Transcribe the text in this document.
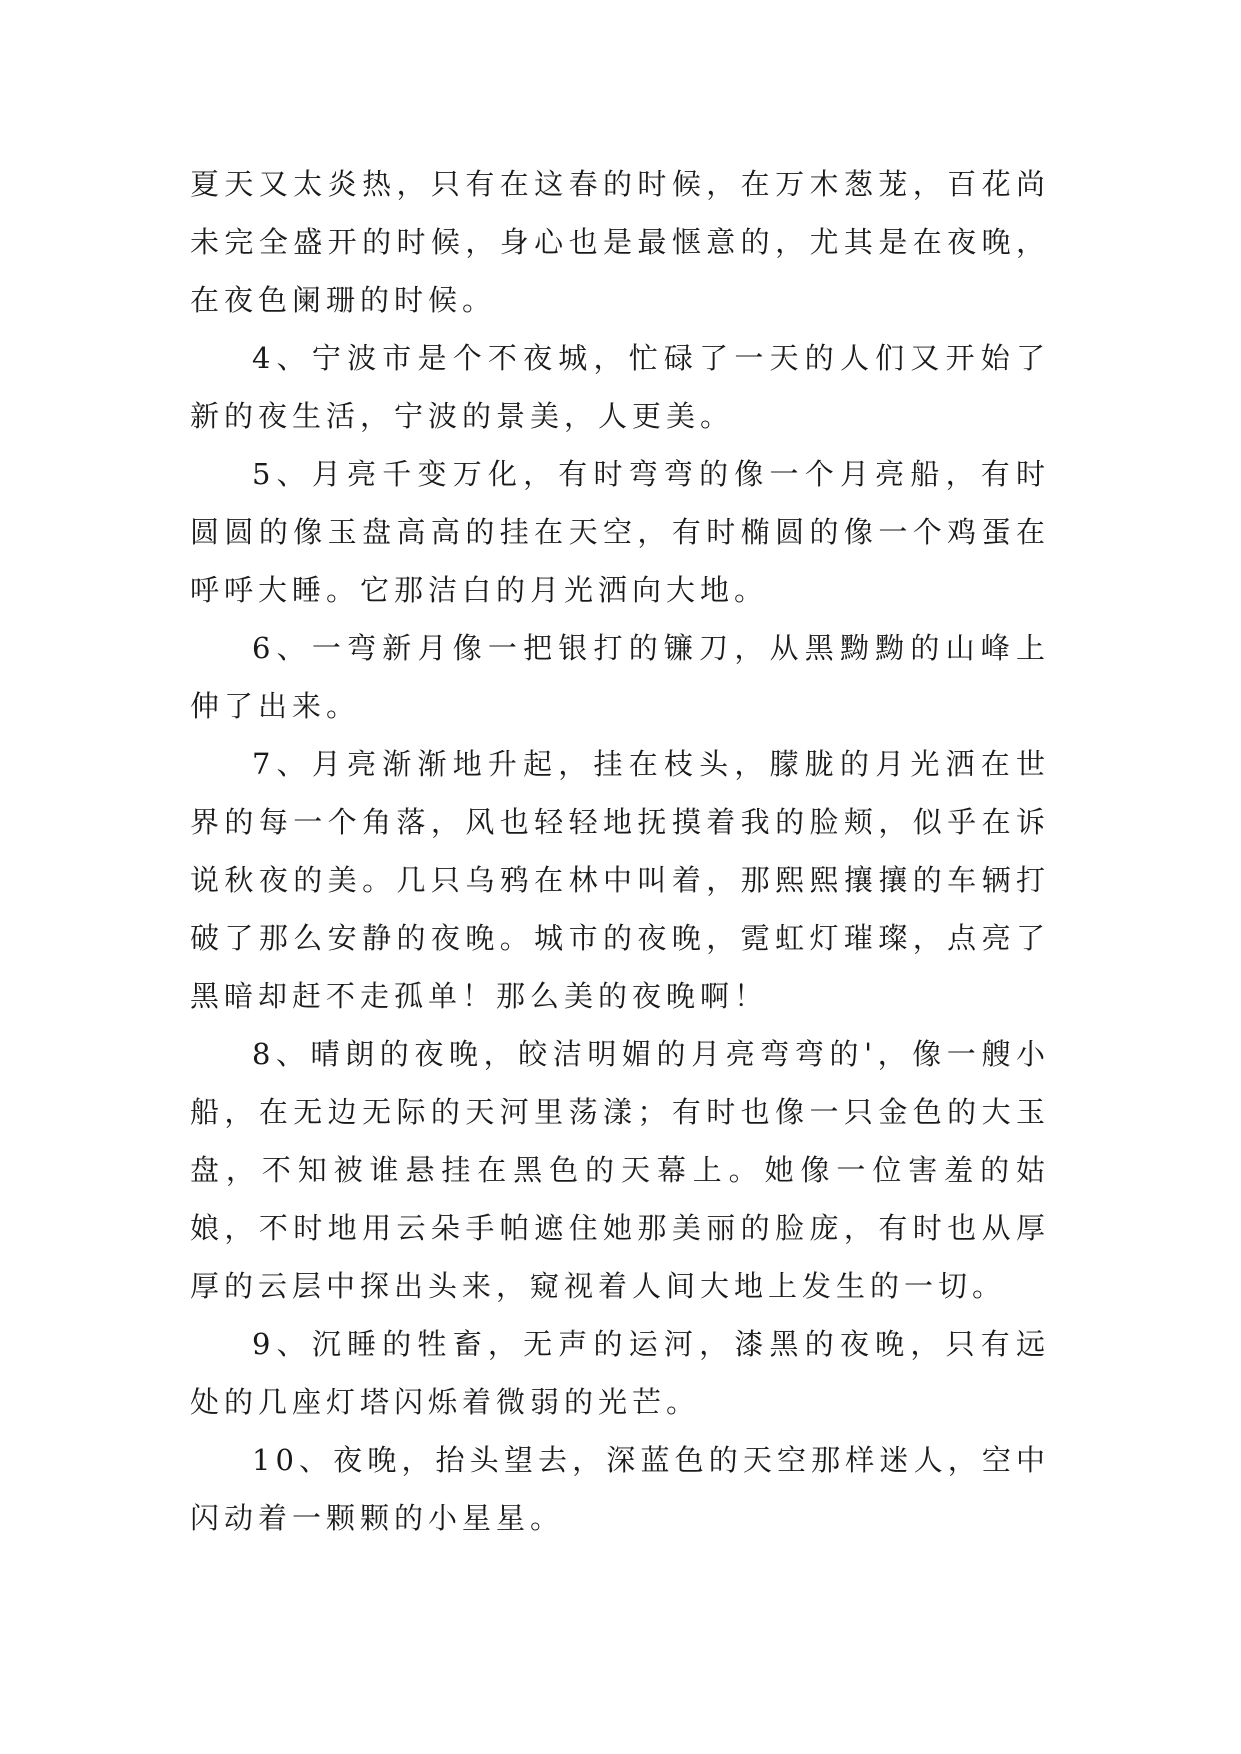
夏天又太炎热，只有在这春的时候，在万木葱茏，百花尚未完全盛开的时候，身心也是最惬意的，尤其是在夜晚，在夜色阑珊的时候。

4、宁波市是个不夜城，忙碌了一天的人们又开始了新的夜生活，宁波的景美，人更美。

5、月亮千变万化，有时弯弯的像一个月亮船，有时圆圆的像玉盘高高的挂在天空，有时椭圆的像一个鸡蛋在呼呼大睡。它那洁白的月光洒向大地。

6、一弯新月像一把银打的镰刀，从黑黝黝的山峰上伸了出来。

7、月亮渐渐地升起，挂在枝头，朦胧的月光洒在世界的每一个角落，风也轻轻地抚摸着我的脸颊，似乎在诉说秋夜的美。几只乌鸦在林中叫着，那熙熙攘攘的车辆打破了那么安静的夜晚。城市的夜晚，霓虹灯璀璨，点亮了黑暗却赶不走孤单！那么美的夜晚啊！

8、晴朗的夜晚，皎洁明媚的月亮弯弯的'，像一艘小船，在无边无际的天河里荡漾；有时也像一只金色的大玉盘，不知被谁悬挂在黑色的天幕上。她像一位害羞的姑娘，不时地用云朵手帕遮住她那美丽的脸庞，有时也从厚厚的云层中探出头来，窥视着人间大地上发生的一切。

9、沉睡的牲畜，无声的运河，漆黑的夜晚，只有远处的几座灯塔闪烁着微弱的光芒。

10、夜晚，抬头望去，深蓝色的天空那样迷人，空中闪动着一颗颗的小星星。
